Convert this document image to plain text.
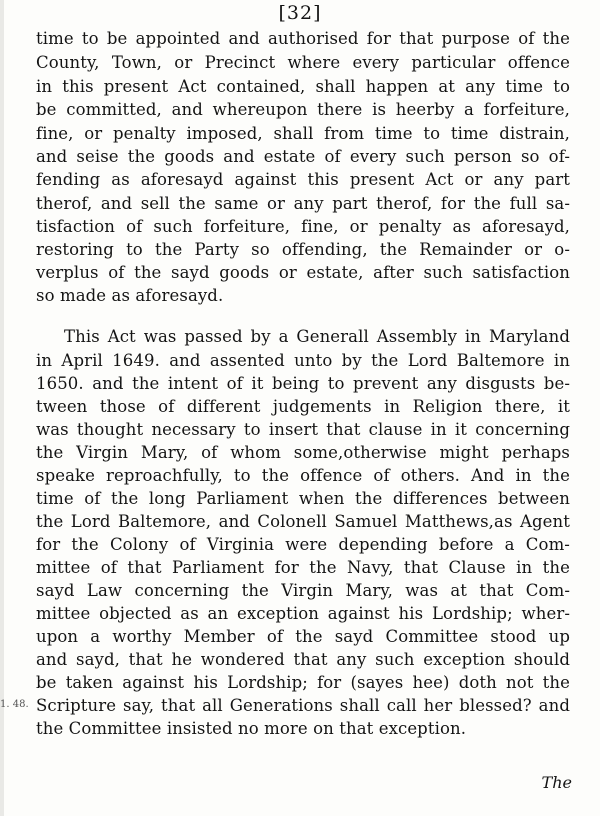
[32]
time to be appointed and authorised for that purpose of the
County, Town, or Precinct where every particular offence
in this present Act contained, shall happen at any time to
be committed, and whereupon there is heerby a forfeiture,
fine, or penalty imposed, shall from time to time distrain,
and seise the goods and estate of every such person so of-
fending as aforesayd against this present Act or any part
therof, and sell the same or any part therof, for the full sa-
tisfaction of such forfeiture, fine, or penalty as aforesayd,
restoring to the Party so offending, the Remainder or o-
verplus of the sayd goods or estate, after such satisfaction
so made as aforesayd.
This Act was passed by a Generall Assembly in Maryland
in April 1649. and assented unto by the Lord Baltemore in
1650. and the intent of it being to prevent any disgusts be-
tween those of different judgements in Religion there, it
was thought necessary to insert that clause in it concerning
the Virgin Mary, of whom some,otherwise might perhaps
speake reproachfully, to the offence of others. And in the
time of the long Parliament when the differences between
the Lord Baltemore, and Colonell Samuel Matthews,as Agent
for the Colony of Virginia were depending before a Com-
mittee of that Parliament for the Navy, that Clause in the
sayd Law concerning the Virgin Mary, was at that Com-
mittee objected as an exception against his Lordship; wher-
upon a worthy Member of the sayd Committee stood up
and sayd, that he wondered that any such exception should
be taken against his Lordship; for (sayes hee) doth not the
Scripture say, that all Generations shall call her blessed? and
the Committee insisted no more on that exception.
1. 48.
The
